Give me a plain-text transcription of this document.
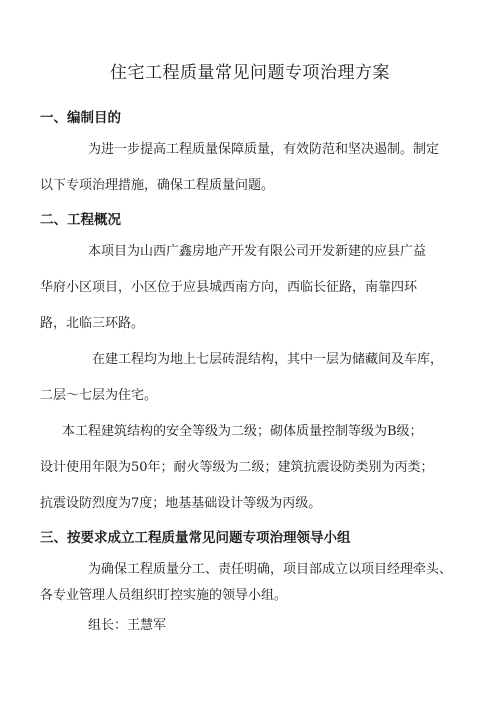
住宅工程质量常见问题专项治理方案
一、编制目的
为进一步提高工程质量保障质量，有效防范和坚决遏制。制定
以下专项治理措施，确保工程质量问题。
二、工程概况
本项目为山西广鑫房地产开发有限公司开发新建的应县广益
华府小区项目，小区位于应县城西南方向，西临长征路，南靠四环
路，北临三环路。
在建工程均为地上七层砖混结构，其中一层为储藏间及车库，
二层～七层为住宅。
本工程建筑结构的安全等级为二级；砌体质量控制等级为B级；
设计使用年限为50年；耐火等级为二级；建筑抗震设防类别为丙类；
抗震设防烈度为7度；地基基础设计等级为丙级。
三、按要求成立工程质量常见问题专项治理领导小组
为确保工程质量分工、责任明确，项目部成立以项目经理牵头、
各专业管理人员组织盯控实施的领导小组。
组长：王慧军
